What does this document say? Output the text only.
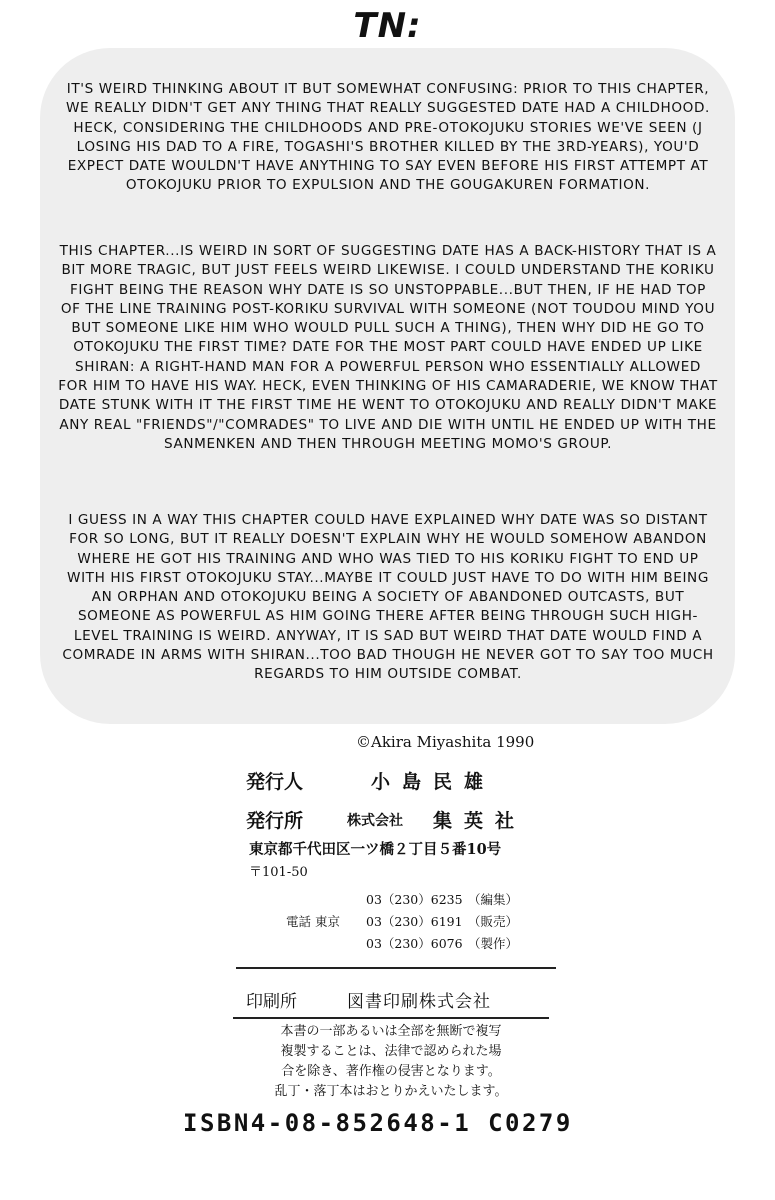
TN:
IT'S WEIRD THINKING ABOUT IT BUT SOMEWHAT CONFUSING: PRIOR TO THIS CHAPTER, WE REALLY DIDN'T GET ANY THING THAT REALLY SUGGESTED DATE HAD A CHILDHOOD. HECK, CONSIDERING THE CHILDHOODS AND PRE-OTOKOJUKU STORIES WE'VE SEEN (J LOSING HIS DAD TO A FIRE, TOGASHI'S BROTHER KILLED BY THE 3RD-YEARS), YOU'D EXPECT DATE WOULDN'T HAVE ANYTHING TO SAY EVEN BEFORE HIS FIRST ATTEMPT AT OTOKOJUKU PRIOR TO EXPULSION AND THE GOUGAKUREN FORMATION.
THIS CHAPTER...IS WEIRD IN SORT OF SUGGESTING DATE HAS A BACK-HISTORY THAT IS A BIT MORE TRAGIC, BUT JUST FEELS WEIRD LIKEWISE. I COULD UNDERSTAND THE KORIKU FIGHT BEING THE REASON WHY DATE IS SO UNSTOPPABLE...BUT THEN, IF HE HAD TOP OF THE LINE TRAINING POST-KORIKU SURVIVAL WITH SOMEONE (NOT TOUDOU MIND YOU BUT SOMEONE LIKE HIM WHO WOULD PULL SUCH A THING), THEN WHY DID HE GO TO OTOKOJUKU THE FIRST TIME? DATE FOR THE MOST PART COULD HAVE ENDED UP LIKE SHIRAN: A RIGHT-HAND MAN FOR A POWERFUL PERSON WHO ESSENTIALLY ALLOWED FOR HIM TO HAVE HIS WAY. HECK, EVEN THINKING OF HIS CAMARADERIE, WE KNOW THAT DATE STUNK WITH IT THE FIRST TIME HE WENT TO OTOKOJUKU AND REALLY DIDN'T MAKE ANY REAL "FRIENDS"/"COMRADES" TO LIVE AND DIE WITH UNTIL HE ENDED UP WITH THE SANMENKEN AND THEN THROUGH MEETING MOMO'S GROUP.
I GUESS IN A WAY THIS CHAPTER COULD HAVE EXPLAINED WHY DATE WAS SO DISTANT FOR SO LONG, BUT IT REALLY DOESN'T EXPLAIN WHY HE WOULD SOMEHOW ABANDON WHERE HE GOT HIS TRAINING AND WHO WAS TIED TO HIS KORIKU FIGHT TO END UP WITH HIS FIRST OTOKOJUKU STAY...MAYBE IT COULD JUST HAVE TO DO WITH HIM BEING AN ORPHAN AND OTOKOJUKU BEING A SOCIETY OF ABANDONED OUTCASTS, BUT SOMEONE AS POWERFUL AS HIM GOING THERE AFTER BEING THROUGH SUCH HIGH-LEVEL TRAINING IS WEIRD. ANYWAY, IT IS SAD BUT WEIRD THAT DATE WOULD FIND A COMRADE IN ARMS WITH SHIRAN...TOO BAD THOUGH HE NEVER GOT TO SAY TOO MUCH REGARDS TO HIM OUTSIDE COMBAT.
©Akira Miyashita 1990
発行人	小島民雄
発行所	株式会社 集英社
東京都千代田区一ツ橋２丁目５番10号
〒101-50
03（230）6235 （編集）
電話 東京 03（230）6191 （販売）
03（230）6076 （製作）
印刷所	図書印刷株式会社
本書の一部あるいは全部を無断で複写
複製することは、法律で認められた場
合を除き、著作権の侵害となります。
乱丁・落丁本はおとりかえいたします。
ISBN4-08-852648-1 C0279
